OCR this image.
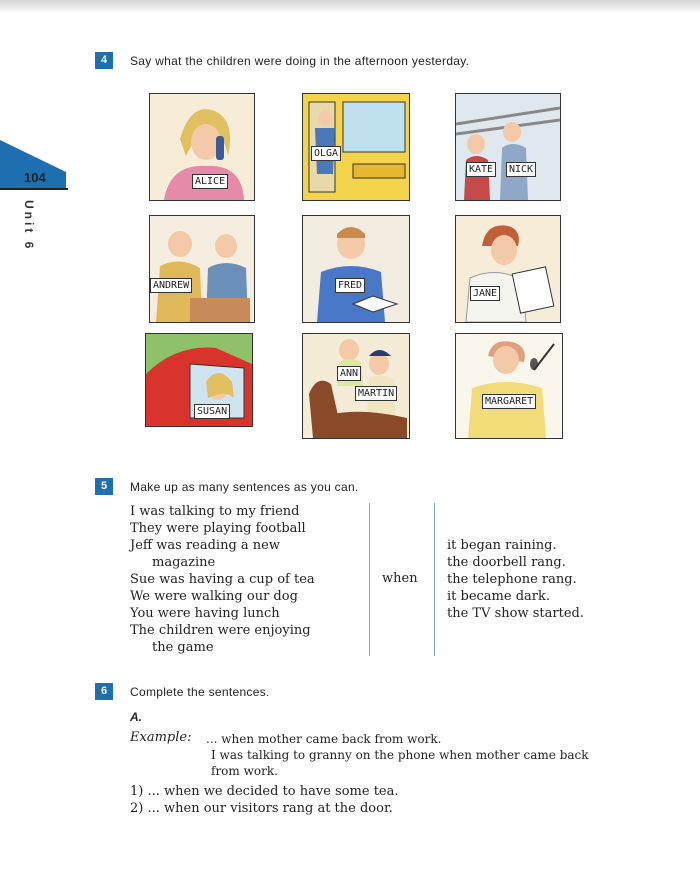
104
Unit 6
4	Say what the children were doing in the afternoon yesterday.
ALICE
OLGA
KATE	NICK
ANDREW	FRED
JANE
SUSAN
ANN
MARTIN
MARGARET
5	Make up as many sentences as you can.
I was talking to my friend
They were playing football
Jeff was reading a new
magazine
Sue was having a cup of tea
We were walking our dog
You were having lunch
The children were enjoying
the game
when
it began raining.
the doorbell rang.
the telephone rang.
it became dark.
the TV show started.
6	Complete the sentences.
A.
Example: ... when mother came back from work.
I was talking to granny on the phone when mother came back from work.
1) ... when we decided to have some tea.
2) ... when our visitors rang at the door.
